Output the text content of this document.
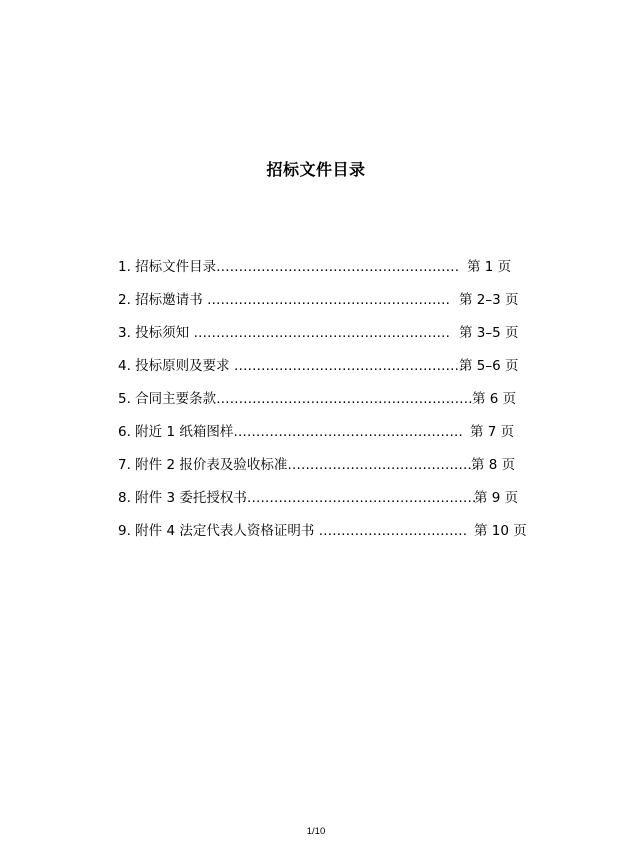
招标文件目录
1. 招标文件目录……………………………………………… 第 1 页
2. 招标邀请书 ……………………………………………… 第 2–3 页
3. 投标须知 ………………………………………………… 第 3–5 页
4. 投标原则及要求 ……………………………………………
第 5–6 页
5. 合同主要条款………………………………………………… 第 6 页
6. 附近 1 纸箱图样…………………………………………… 第 7 页
7. 附件 2 报价表及验收标准……………………………………
第 8 页
8. 附件 3 委托授权书……………………………………………
第 9 页
9. 附件 4 法定代表人资格证明书 …………………………… 第 10 页
1/10
